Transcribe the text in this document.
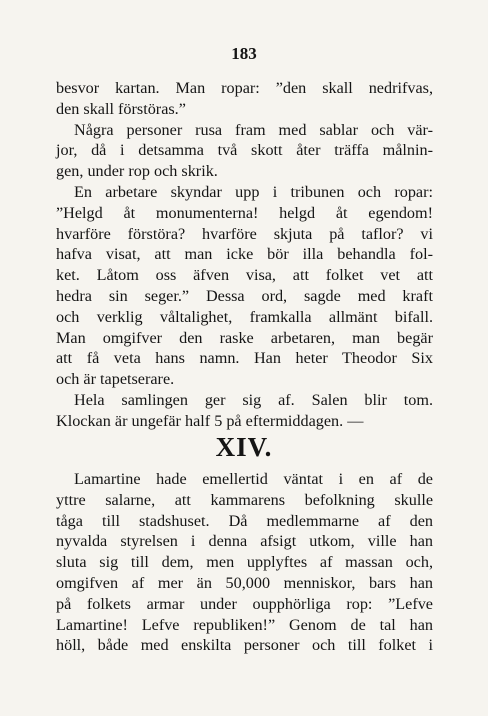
183
besvor kartan. Man ropar: ”den skall nedrifvas,
den skall förstöras.”
Några personer rusa fram med sablar och vär-
jor, då i detsamma två skott åter träffa målnin-
gen, under rop och skrik.
En arbetare skyndar upp i tribunen och ropar:
”Helgd åt monumenterna! helgd åt egendom!
hvarföre förstöra? hvarföre skjuta på taflor? vi
hafva visat, att man icke bör illa behandla fol-
ket. Låtom oss äfven visa, att folket vet att
hedra sin seger.” Dessa ord, sagde med kraft
och verklig våltalighet, framkalla allmänt bifall.
Man omgifver den raske arbetaren, man begär
att få veta hans namn. Han heter Theodor Six
och är tapetserare.
Hela samlingen ger sig af. Salen blir tom.
Klockan är ungefär half 5 på eftermiddagen. —
XIV.
Lamartine hade emellertid väntat i en af de
yttre salarne, att kammarens befolkning skulle
tåga till stadshuset. Då medlemmarne af den
nyvalda styrelsen i denna afsigt utkom, ville han
sluta sig till dem, men upplyftes af massan och,
omgifven af mer än 50,000 menniskor, bars han
på folkets armar under oupphörliga rop: ”Lefve
Lamartine! Lefve republiken!” Genom de tal han
höll, både med enskilta personer och till folket i
